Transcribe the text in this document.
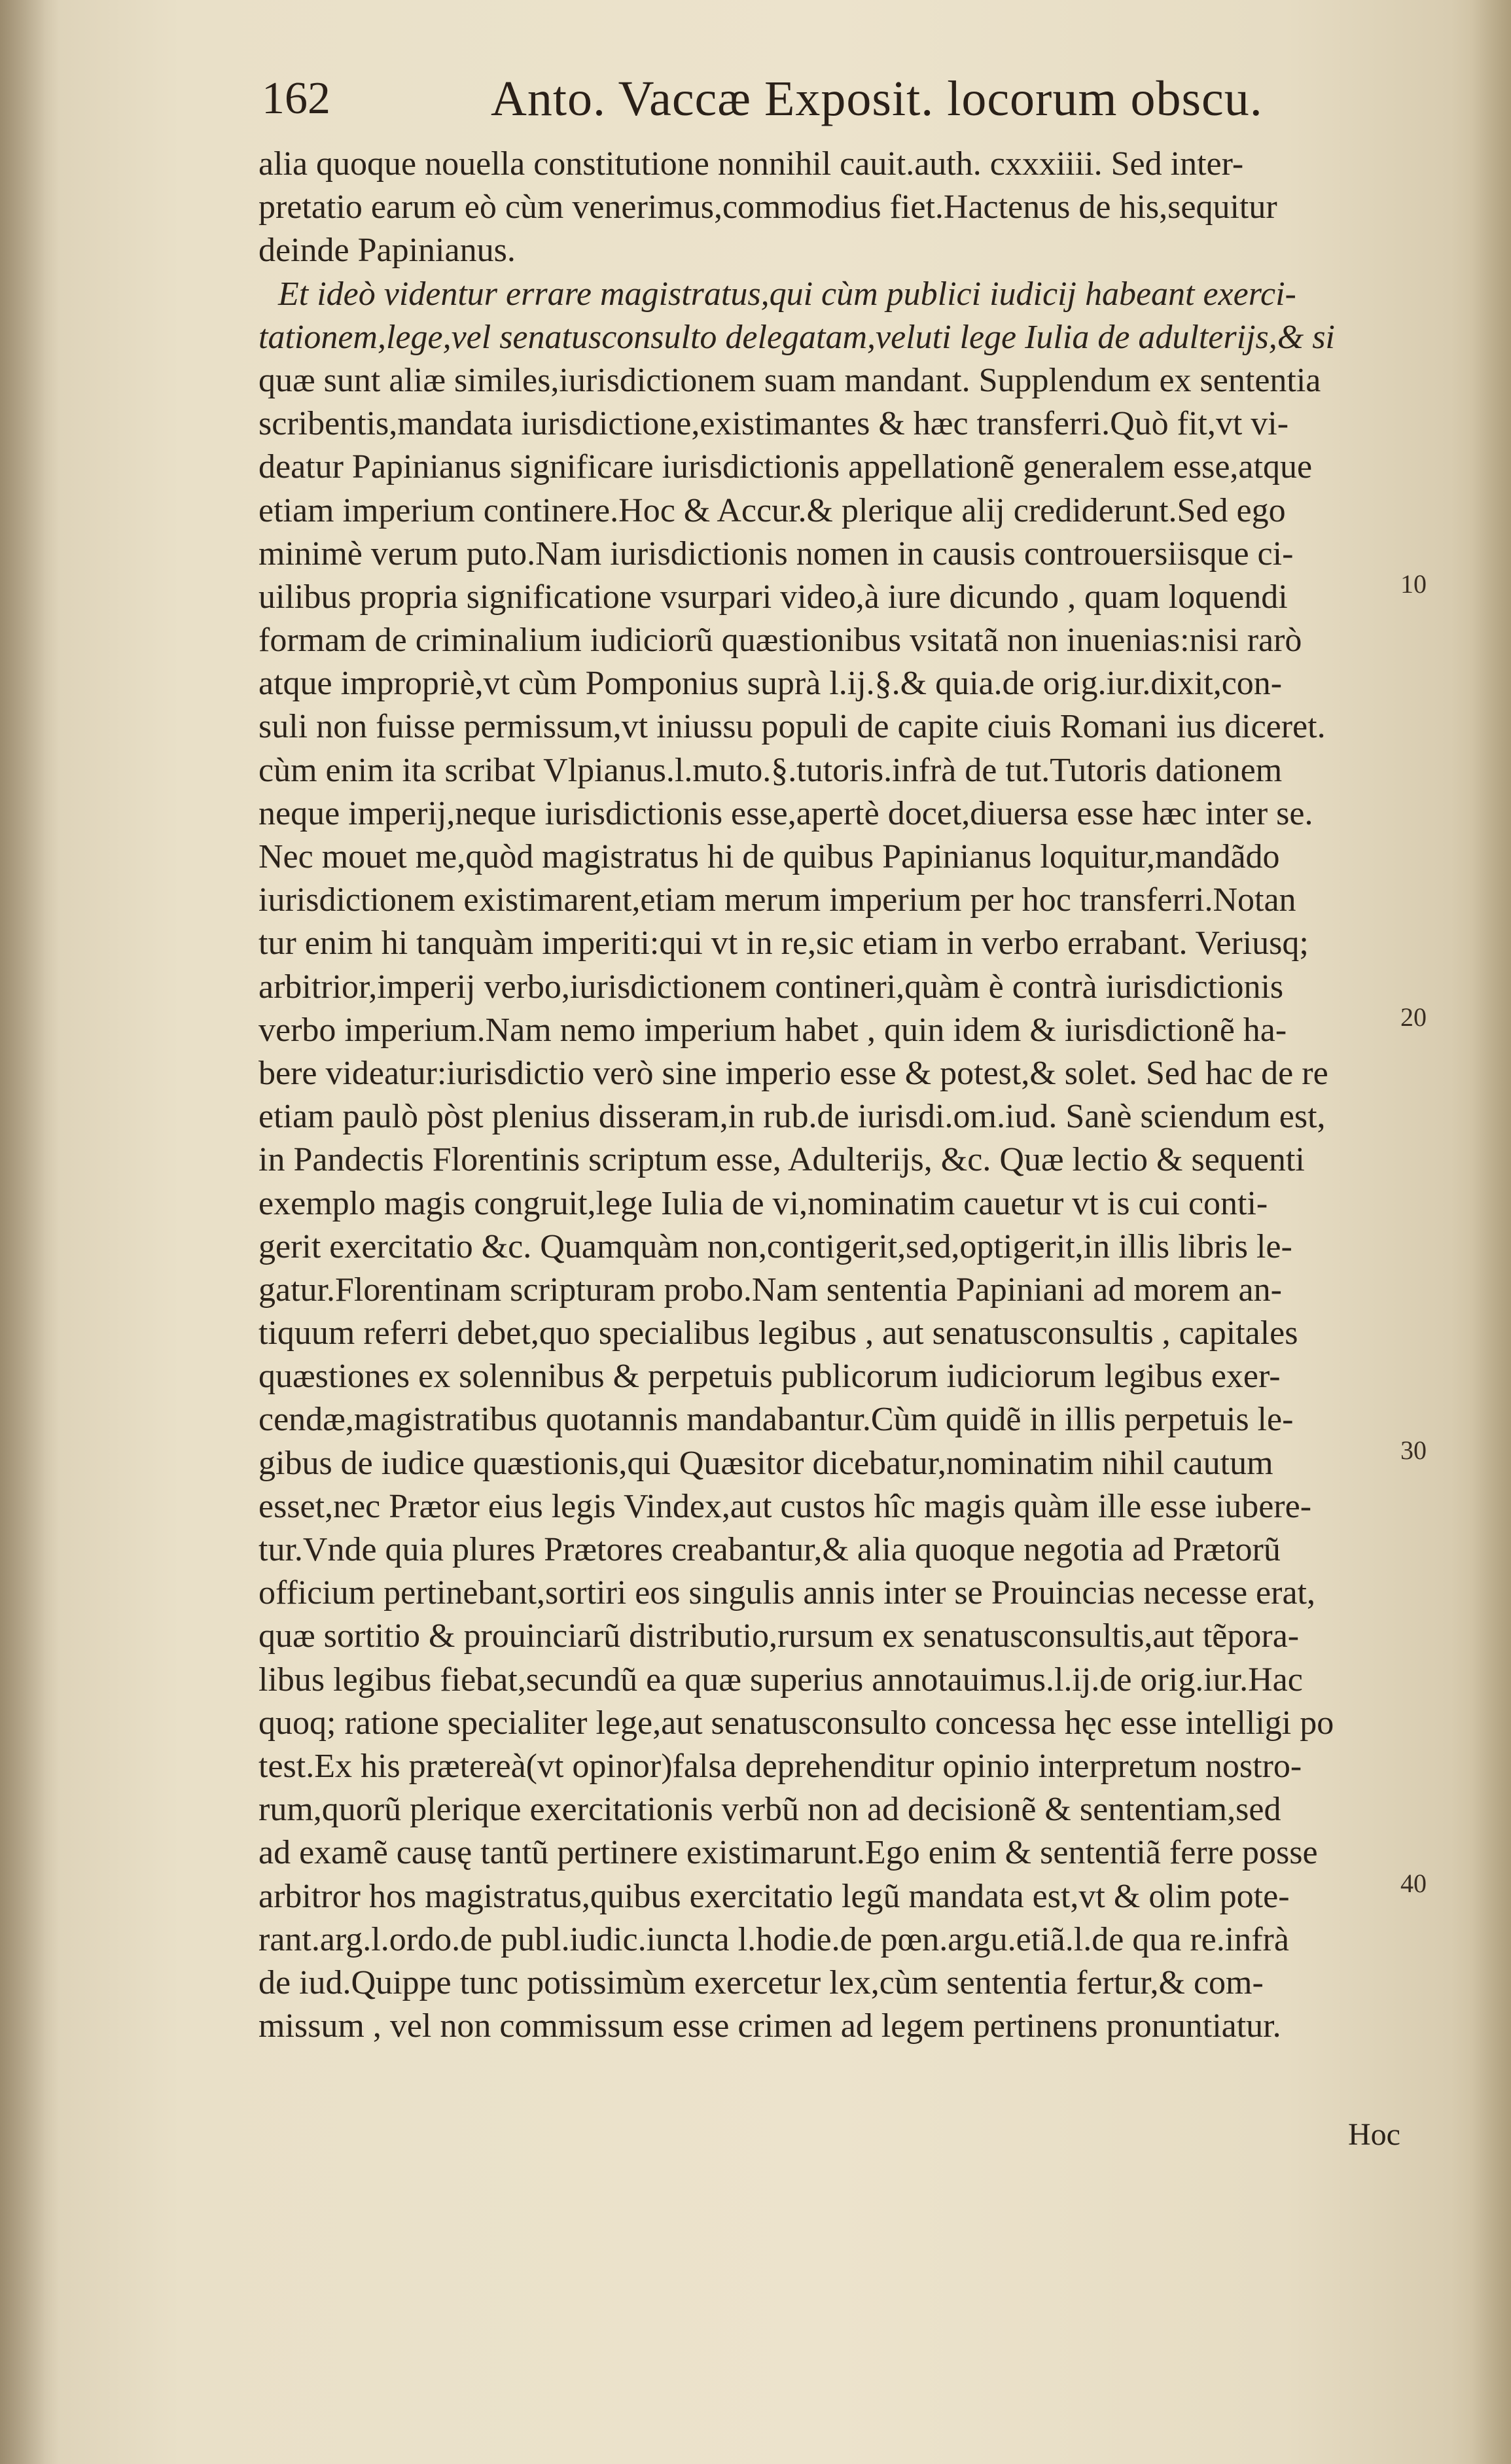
162	Anto. Vaccæ Exposit. locorum obscu.
alia quoque nouella constitutione nonnihil cauit.auth. cxxxiiii. Sed inter-
pretatio earum eò cùm venerimus,commodius fiet.Hactenus de his,sequitur
deinde Papinianus.
Et ideò videntur errare magistratus,qui cùm publici iudicij habeant exerci-
tationem,lege,vel senatusconsulto delegatam,veluti lege Iulia de adulterijs,& si
quæ sunt aliæ similes,iurisdictionem suam mandant. Supplendum ex sententia
scribentis,mandata iurisdictione,existimantes & hæc transferri.Quò fit,vt vi-
deatur Papinianus significare iurisdictionis appellationẽ generalem esse,atque
etiam imperium continere.Hoc & Accur.& plerique alij crediderunt.Sed ego
minimè verum puto.Nam iurisdictionis nomen in causis controuersiisque ci-
uilibus propria significatione vsurpari video,à iure dicundo , quam loquendi
formam de criminalium iudiciorũ quæstionibus vsitatã non inuenias:nisi rarò
atque impropriè,vt cùm Pomponius suprà l.ij.§.& quia.de orig.iur.dixit,con-
suli non fuisse permissum,vt iniussu populi de capite ciuis Romani ius diceret.
cùm enim ita scribat Vlpianus.l.muto.§.tutoris.infrà de tut.Tutoris dationem
neque imperij,neque iurisdictionis esse,apertè docet,diuersa esse hæc inter se.
Nec mouet me,quòd magistratus hi de quibus Papinianus loquitur,mandãdo
iurisdictionem existimarent,etiam merum imperium per hoc transferri.Notan
tur enim hi tanquàm imperiti:qui vt in re,sic etiam in verbo errabant. Veriusq;
arbitrior,imperij verbo,iurisdictionem contineri,quàm è contrà iurisdictionis
verbo imperium.Nam nemo imperium habet , quin idem & iurisdictionẽ ha-
bere videatur:iurisdictio verò sine imperio esse & potest,& solet. Sed hac de re
etiam paulò pòst plenius disseram,in rub.de iurisdi.om.iud. Sanè sciendum est,
in Pandectis Florentinis scriptum esse, Adulterijs, &c. Quæ lectio & sequenti
exemplo magis congruit,lege Iulia de vi,nominatim cauetur vt is cui conti-
gerit exercitatio &c. Quamquàm non,contigerit,sed,optigerit,in illis libris le-
gatur.Florentinam scripturam probo.Nam sententia Papiniani ad morem an-
tiquum referri debet,quo specialibus legibus , aut senatusconsultis , capitales
quæstiones ex solennibus & perpetuis publicorum iudiciorum legibus exer-
cendæ,magistratibus quotannis mandabantur.Cùm quidẽ in illis perpetuis le-
gibus de iudice quæstionis,qui Quæsitor dicebatur,nominatim nihil cautum
esset,nec Prætor eius legis Vindex,aut custos hîc magis quàm ille esse iubere-
tur.Vnde quia plures Prætores creabantur,& alia quoque negotia ad Prætorũ
officium pertinebant,sortiri eos singulis annis inter se Prouincias necesse erat,
quæ sortitio & prouinciarũ distributio,rursum ex senatusconsultis,aut tẽpora-
libus legibus fiebat,secundũ ea quæ superius annotauimus.l.ij.de orig.iur.Hac
quoq; ratione specialiter lege,aut senatusconsulto concessa hęc esse intelligi po
test.Ex his prætereà(vt opinor)falsa deprehenditur opinio interpretum nostro-
rum,quorũ plerique exercitationis verbũ non ad decisionẽ & sententiam,sed
ad examẽ causę tantũ pertinere existimarunt.Ego enim & sententiã ferre posse
arbitror hos magistratus,quibus exercitatio legũ mandata est,vt & olim pote-
rant.arg.l.ordo.de publ.iudic.iuncta l.hodie.de pœn.argu.etiã.l.de qua re.infrà
de iud.Quippe tunc potissimùm exercetur lex,cùm sententia fertur,& com-
missum , vel non commissum esse crimen ad legem pertinens pronuntiatur.
10
20
30
40
Hoc
